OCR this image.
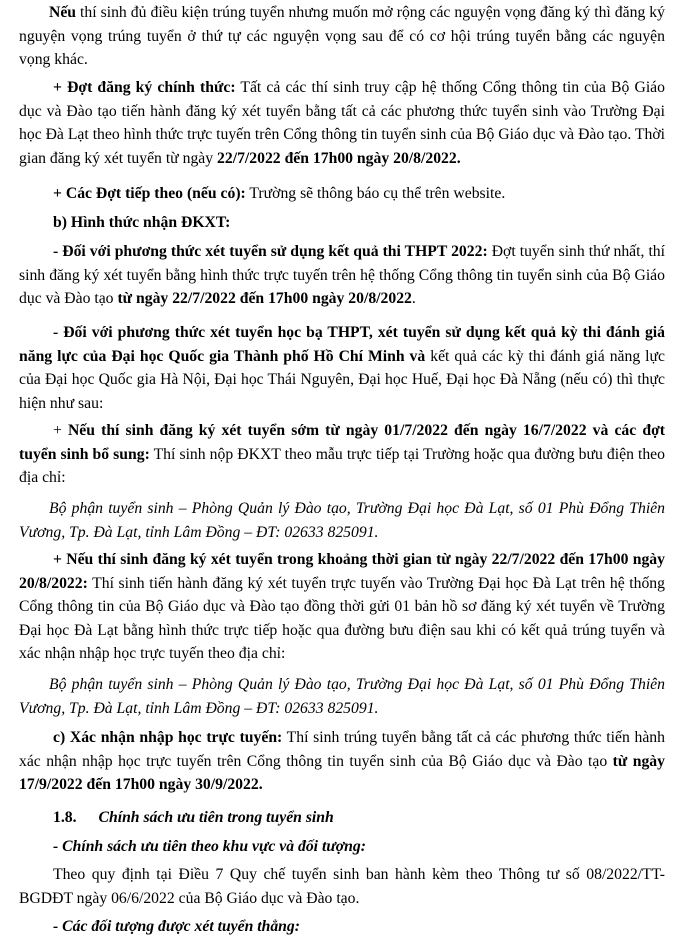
Nếu thí sinh đủ điều kiện trúng tuyển nhưng muốn mở rộng các nguyện vọng đăng ký thì đăng ký nguyện vọng trúng tuyển ở thứ tự các nguyện vọng sau để có cơ hội trúng tuyển bằng các nguyện vọng khác.

+ Đợt đăng ký chính thức: Tất cả các thí sinh truy cập hệ thống Cổng thông tin của Bộ Giáo dục và Đào tạo tiến hành đăng ký xét tuyển bằng tất cả các phương thức tuyển sinh vào Trường Đại học Đà Lạt theo hình thức trực tuyến trên Cổng thông tin tuyển sinh của Bộ Giáo dục và Đào tạo. Thời gian đăng ký xét tuyển từ ngày 22/7/2022 đến 17h00 ngày 20/8/2022.

+ Các Đợt tiếp theo (nếu có): Trường sẽ thông báo cụ thể trên website.

b) Hình thức nhận ĐKXT:

- Đối với phương thức xét tuyển sử dụng kết quả thi THPT 2022: Đợt tuyển sinh thứ nhất, thí sinh đăng ký xét tuyển bằng hình thức trực tuyến trên hệ thống Cổng thông tin tuyển sinh của Bộ Giáo dục và Đào tạo từ ngày 22/7/2022 đến 17h00 ngày 20/8/2022.

- Đối với phương thức xét tuyển học bạ THPT, xét tuyển sử dụng kết quả kỳ thi đánh giá năng lực của Đại học Quốc gia Thành phố Hồ Chí Minh và kết quả các kỳ thi đánh giá năng lực của Đại học Quốc gia Hà Nội, Đại học Thái Nguyên, Đại học Huế, Đại học Đà Nẵng (nếu có) thì thực hiện như sau:

+ Nếu thí sinh đăng ký xét tuyển sớm từ ngày 01/7/2022 đến ngày 16/7/2022 và các đợt tuyển sinh bổ sung: Thí sinh nộp ĐKXT theo mẫu trực tiếp tại Trường hoặc qua đường bưu điện theo địa chỉ:

Bộ phận tuyển sinh – Phòng Quản lý Đào tạo, Trường Đại học Đà Lạt, số 01 Phù Đổng Thiên Vương, Tp. Đà Lạt, tỉnh Lâm Đồng – ĐT: 02633 825091.

+ Nếu thí sinh đăng ký xét tuyển trong khoảng thời gian từ ngày 22/7/2022 đến 17h00 ngày 20/8/2022: Thí sinh tiến hành đăng ký xét tuyển trực tuyến vào Trường Đại học Đà Lạt trên hệ thống Cổng thông tin của Bộ Giáo dục và Đào tạo đồng thời gửi 01 bản hồ sơ đăng ký xét tuyển về Trường Đại học Đà Lạt bằng hình thức trực tiếp hoặc qua đường bưu điện sau khi có kết quả trúng tuyển và xác nhận nhập học trực tuyến theo địa chỉ:

Bộ phận tuyển sinh – Phòng Quản lý Đào tạo, Trường Đại học Đà Lạt, số 01 Phù Đổng Thiên Vương, Tp. Đà Lạt, tỉnh Lâm Đồng – ĐT: 02633 825091.

c) Xác nhận nhập học trực tuyến: Thí sinh trúng tuyển bằng tất cả các phương thức tiến hành xác nhận nhập học trực tuyến trên Cổng thông tin tuyển sinh của Bộ Giáo dục và Đào tạo từ ngày 17/9/2022 đến 17h00 ngày 30/9/2022.

1.8. Chính sách ưu tiên trong tuyển sinh

- Chính sách ưu tiên theo khu vực và đối tượng:

Theo quy định tại Điều 7 Quy chế tuyển sinh ban hành kèm theo Thông tư số 08/2022/TT-BGDĐT ngày 06/6/2022 của Bộ Giáo dục và Đào tạo.

- Các đối tượng được xét tuyển thẳng:
